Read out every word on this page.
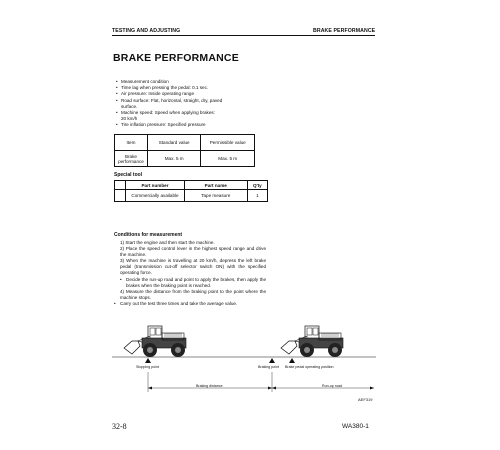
TESTING AND ADJUSTING	BRAKE PERFORMANCE
BRAKE PERFORMANCE
• Measurement condition
• Time lag when pressing the pedal: 0.1 sec.
• Air pressure: Inside operating range
• Road surface: Flat, horizontal, straight, dry, paved
surface.
• Machine speed: Speed when applying brakes:
20 km/h
• Tire inflation pressure: Specified pressure
Item	Standard value	Permissible value
Brake performance	Max. 5 m	Max. 5 m
Special tool
	Part number	Part name	Q'ty
	Commercially available	Tape measure	1
Conditions for measurement
1) Start the engine and then start the machine.
2) Place the speed control lever in the highest speed range and drive the machine.
3) When the machine is travelling at 20 km/h, depress the left brake pedal (transmission cut-off selector switch ON) with the specified operating force.
• Decide the run-up road and point to apply the brakes, then apply the brakes when the braking point is reached.
4) Measure the distance from the braking point to the point where the machine stops.
• Carry out the test three times and take the average value.
Stopping point	Braking point Brake pedal operating position
Braking distance	Run-up road
AEF319
32-8	WA380-1
